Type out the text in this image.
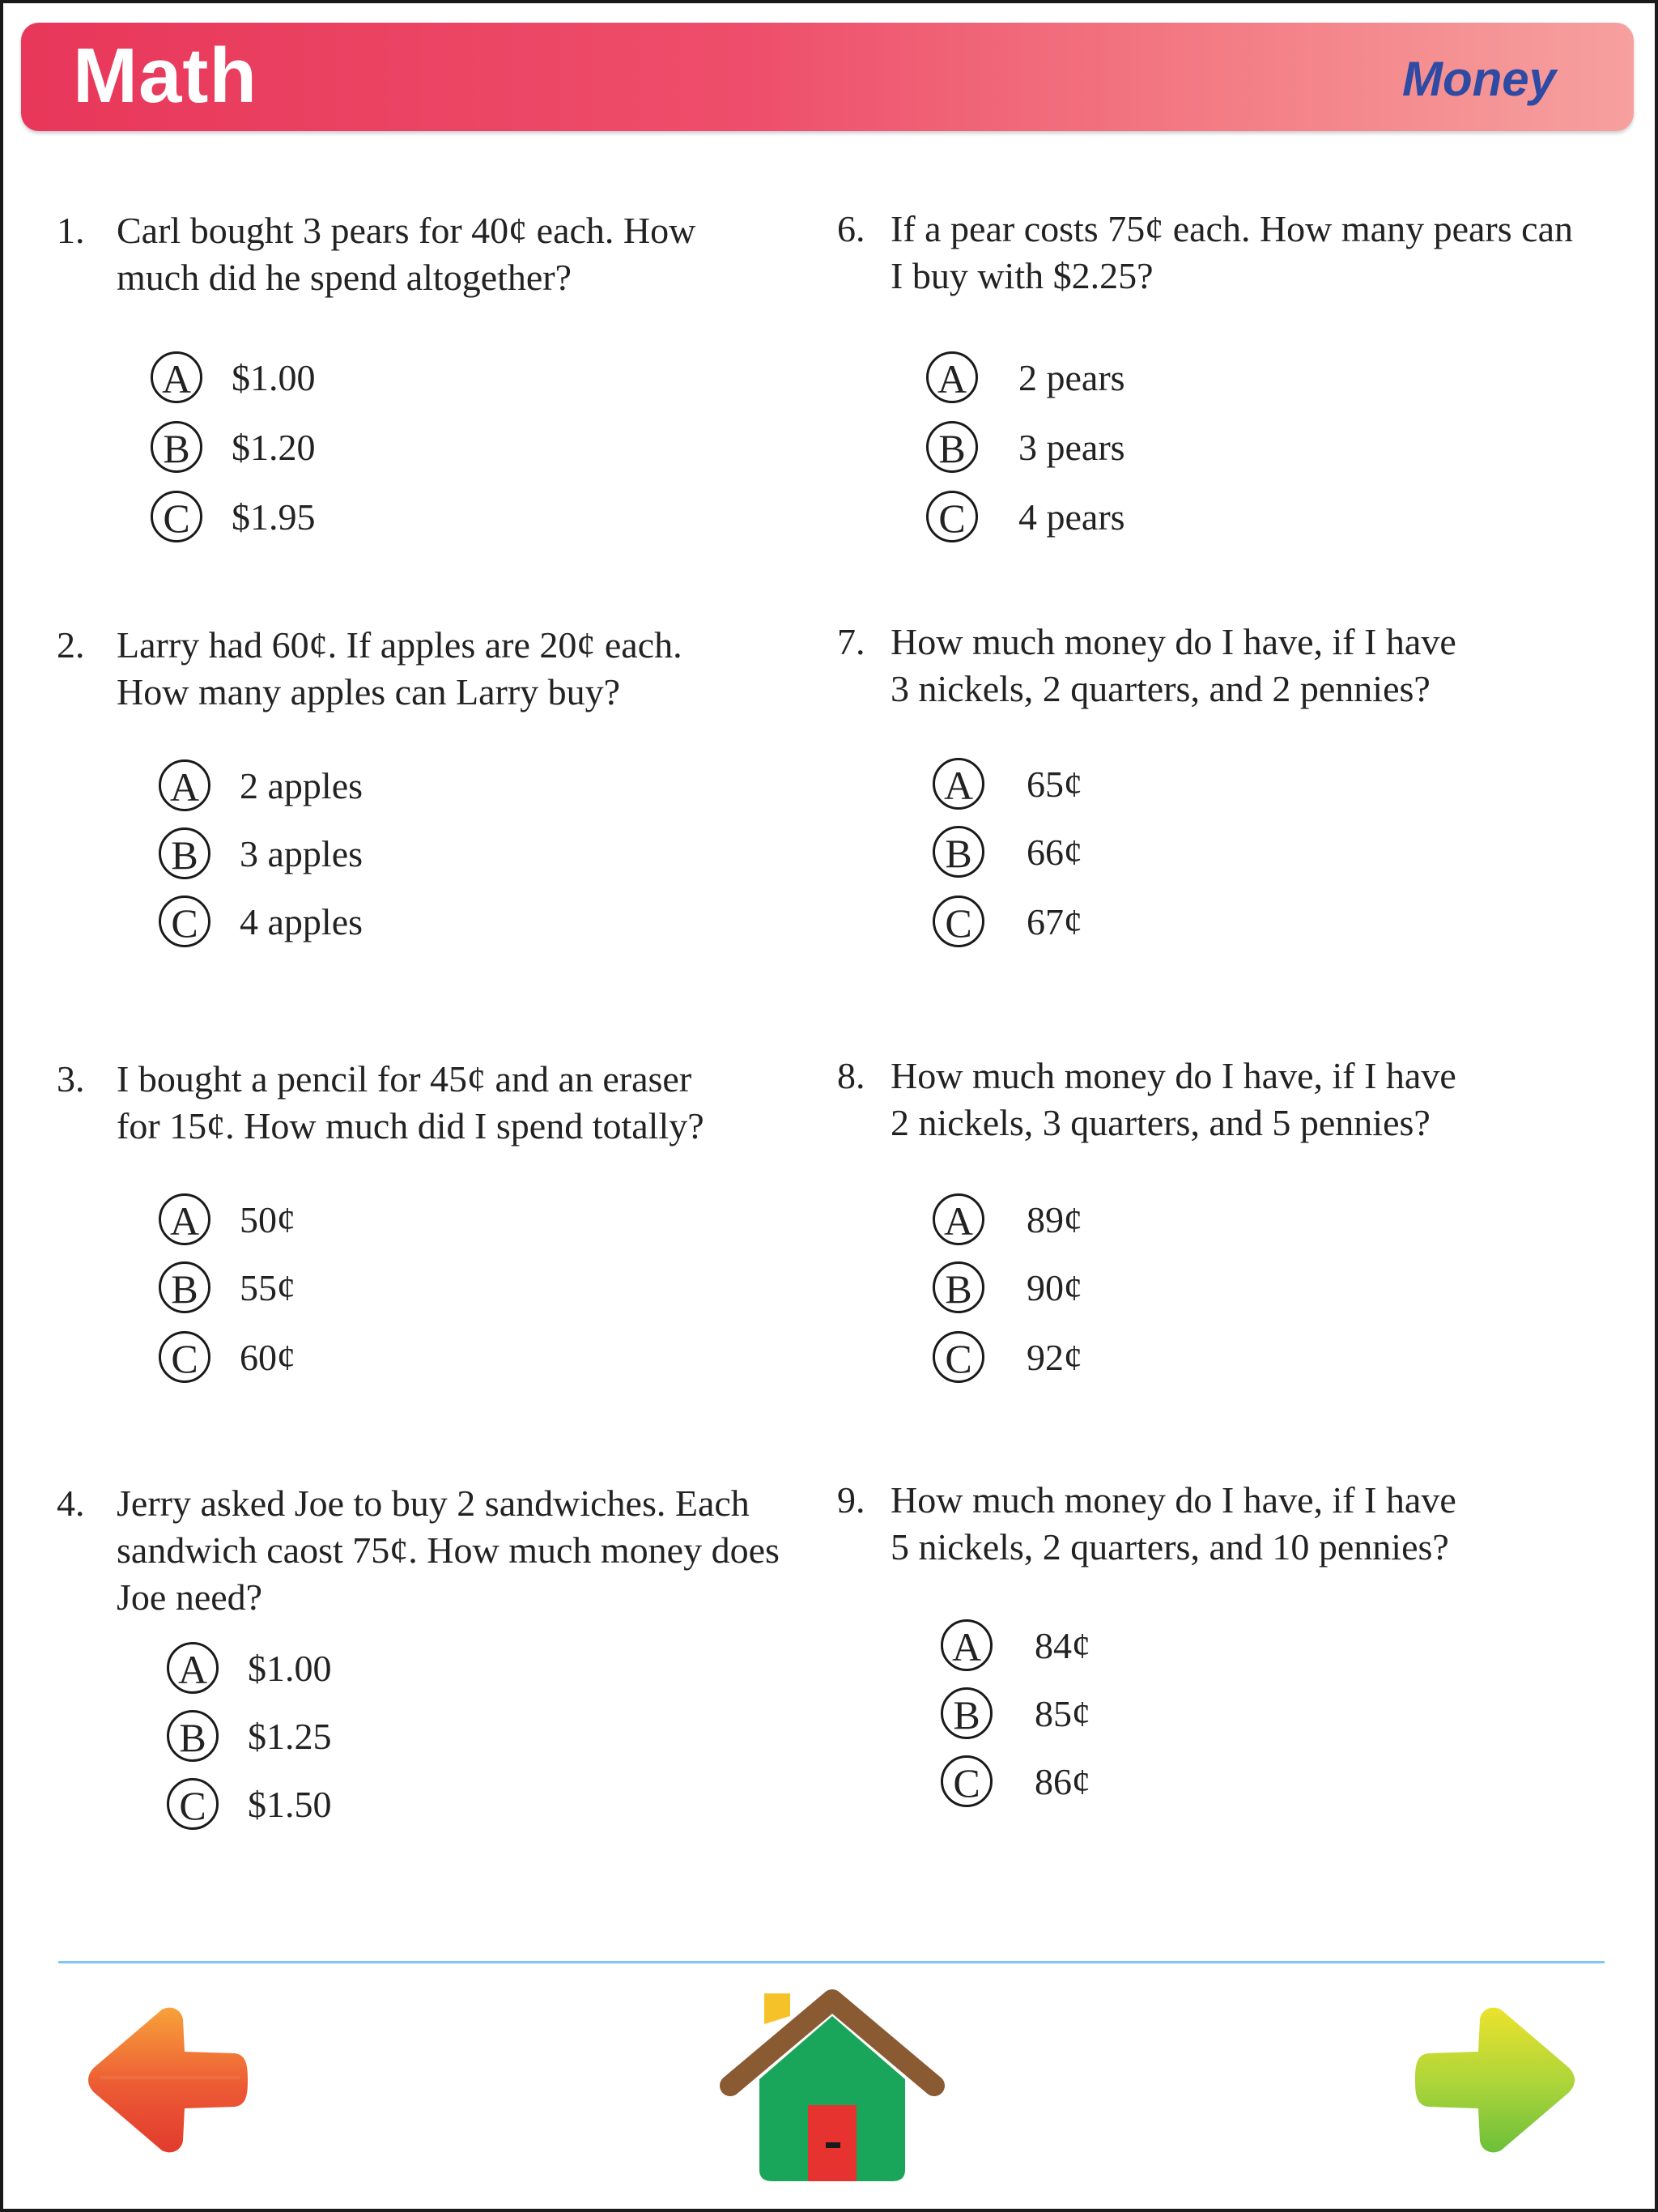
Math	Money
1. Carl bought 3 pears for 40¢ each. How
much did he spend altogether?
A	$1.00
B	$1.20
C	$1.95
2. Larry had 60¢. If apples are 20¢ each.
How many apples can Larry buy?
A	2 apples
B	3 apples
C	4 apples
3. I bought a pencil for 45¢ and an eraser
for 15¢. How much did I spend totally?
A	50¢
B	55¢
C	60¢
4. Jerry asked Joe to buy 2 sandwiches. Each
sandwich caost 75¢. How much money does
Joe need?
A	$1.00
B	$1.25
C	$1.50
6. If a pear costs 75¢ each. How many pears can
I buy with $2.25?
A	2 pears
B	3 pears
C	4 pears
7. How much money do I have, if I have
3 nickels, 2 quarters, and 2 pennies?
A	65¢
B	66¢
C	67¢
8. How much money do I have, if I have
2 nickels, 3 quarters, and 5 pennies?
A	89¢
B	90¢
C	92¢
9. How much money do I have, if I have
5 nickels, 2 quarters, and 10 pennies?
A	84¢
B	85¢
C	86¢
